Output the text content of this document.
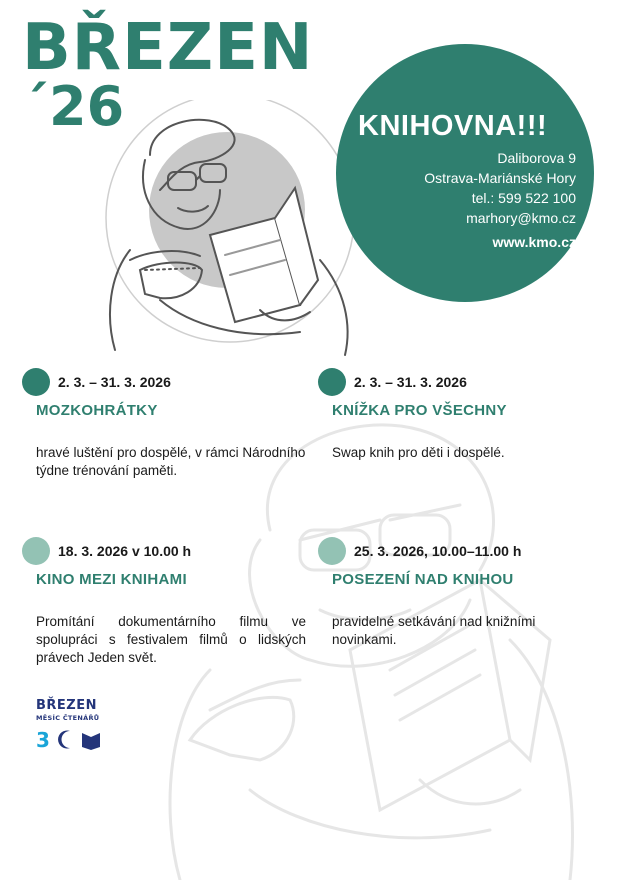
BŘEZEN
´26	KNIHOVNA!!!
Daliborova 9
Ostrava-Mariánské Hory
tel.: 599 522 100
marhory@kmo.cz
www.kmo.cz
2. 3. – 31. 3. 2026
MOZKOHRÁTKY
hravé luštění pro dospělé, v rámci Národního týdne trénování paměti.
2. 3. – 31. 3. 2026
KNÍŽKA PRO VŠECHNY
Swap knih pro děti i dospělé.
18. 3. 2026 v 10.00 h
KINO MEZI KNIHAMI
Promítání dokumentárního filmu ve spolupráci s festivalem filmů o lidských právech Jeden svět.
25. 3. 2026, 10.00–11.00 h
POSEZENÍ NAD KNIHOU
pravidelné setkávání nad knižními novinkami.
BŘEZEN
MĚSÍC ČTENÁŘŮ
3
